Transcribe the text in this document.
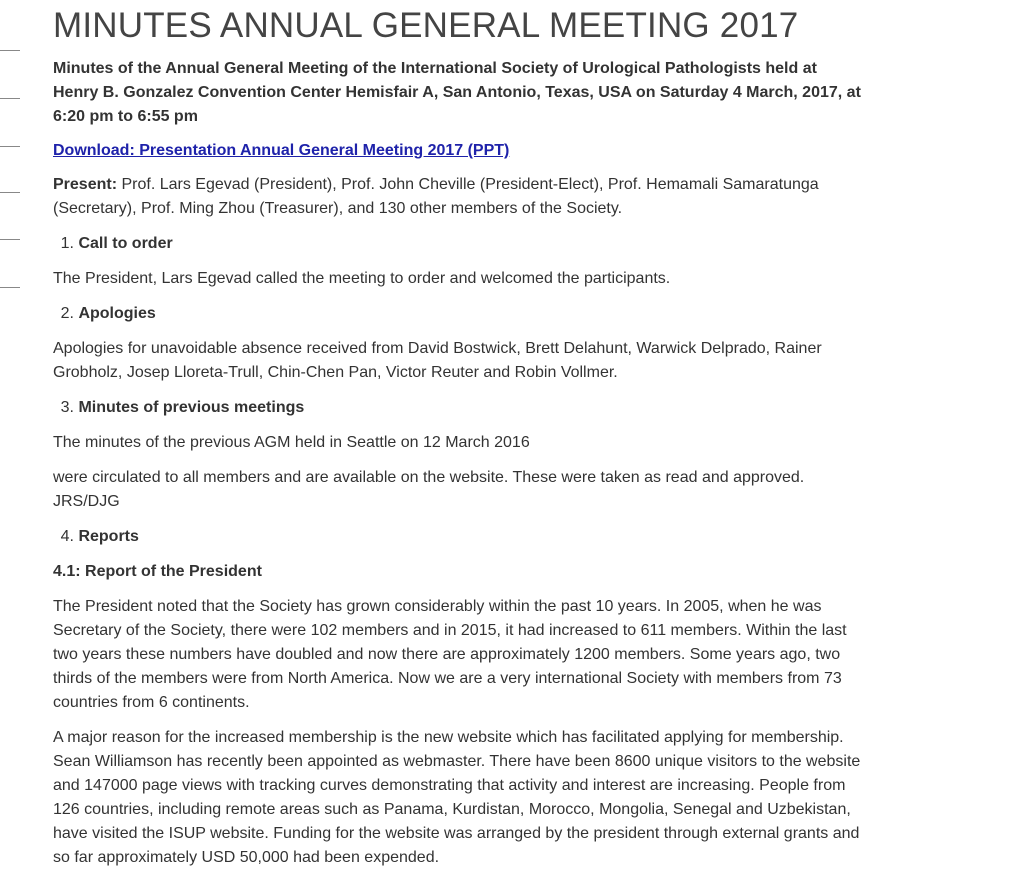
MINUTES ANNUAL GENERAL MEETING 2017

Minutes of the Annual General Meeting of the International Society of Urological Pathologists held at Henry B. Gonzalez Convention Center Hemisfair A, San Antonio, Texas, USA on Saturday 4 March, 2017, at 6:20 pm to 6:55 pm

Download: Presentation Annual General Meeting 2017 (PPT)

Present: Prof. Lars Egevad (President), Prof. John Cheville (President-Elect), Prof. Hemamali Samaratunga (Secretary), Prof. Ming Zhou (Treasurer), and 130 other members of the Society.

1. Call to order

The President, Lars Egevad called the meeting to order and welcomed the participants.

2. Apologies

Apologies for unavoidable absence received from David Bostwick, Brett Delahunt, Warwick Delprado, Rainer Grobholz, Josep Lloreta-Trull, Chin-Chen Pan, Victor Reuter and Robin Vollmer.

3. Minutes of previous meetings

The minutes of the previous AGM held in Seattle on 12 March 2016

were circulated to all members and are available on the website. These were taken as read and approved. JRS/DJG

4. Reports

4.1: Report of the President

The President noted that the Society has grown considerably within the past 10 years. In 2005, when he was Secretary of the Society, there were 102 members and in 2015, it had increased to 611 members. Within the last two years these numbers have doubled and now there are approximately 1200 members. Some years ago, two thirds of the members were from North America. Now we are a very international Society with members from 73 countries from 6 continents.

A major reason for the increased membership is the new website which has facilitated applying for membership. Sean Williamson has recently been appointed as webmaster. There have been 8600 unique visitors to the website and 147000 page views with tracking curves demonstrating that activity and interest are increasing. People from 126 countries, including remote areas such as Panama, Kurdistan, Morocco, Mongolia, Senegal and Uzbekistan, have visited the ISUP website. Funding for the website was arranged by the president through external grants and so far approximately USD 50,000 had been expended.
